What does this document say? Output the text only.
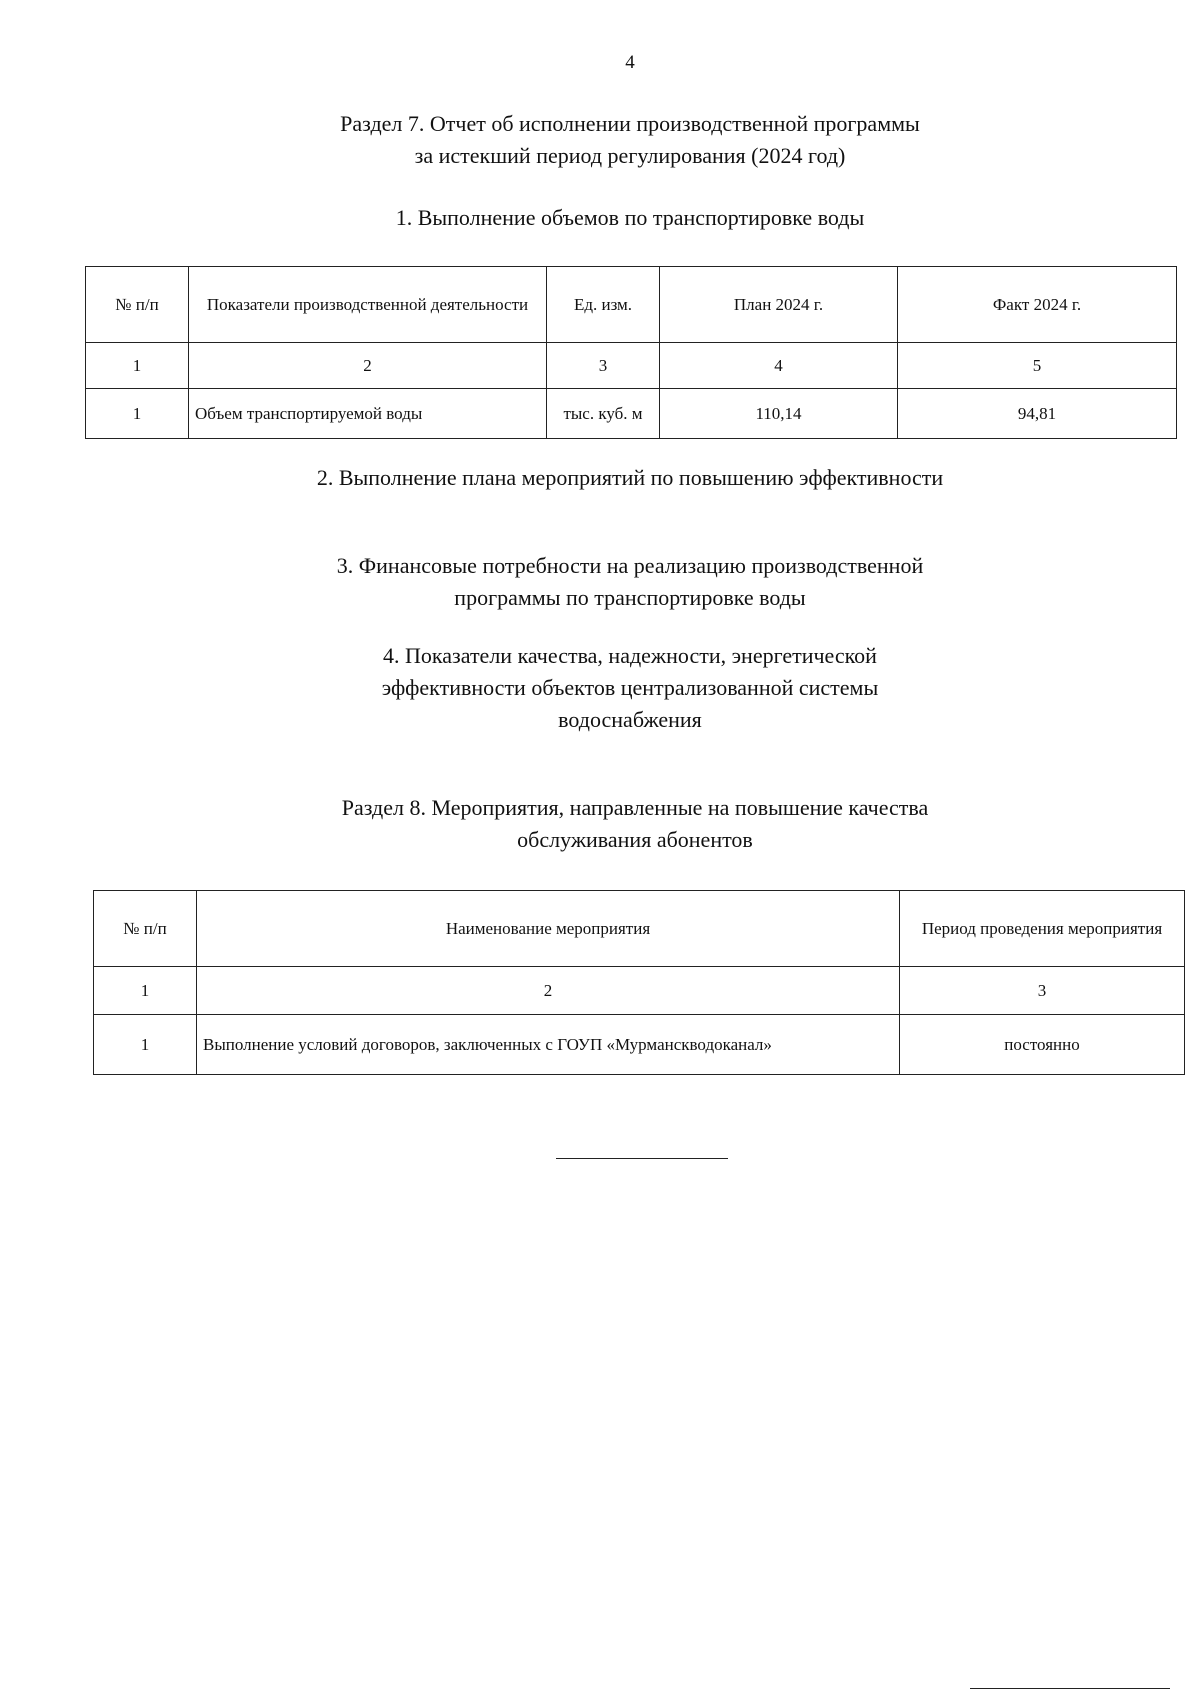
4
Раздел 7. Отчет об исполнении производственной программы
за истекший период регулирования (2024 год)
1. Выполнение объемов по транспортировке воды
№ п/п	Показатели производственной деятельности	Ед. изм.	План 2024 г.	Факт 2024 г.
1	2	3	4	5
1	Объем транспортируемой воды	тыс. куб. м	110,14	94,81
2. Выполнение плана мероприятий по повышению эффективности
3. Финансовые потребности на реализацию производственной
программы по транспортировке воды
4. Показатели качества, надежности, энергетической
эффективности объектов централизованной системы
водоснабжения
Раздел 8. Мероприятия, направленные на повышение качества
обслуживания абонентов
№ п/п	Наименование мероприятия	Период проведения мероприятия
1	2	3
1	Выполнение условий договоров, заключенных с ГОУП «Мурманскводоканал»	постоянно
